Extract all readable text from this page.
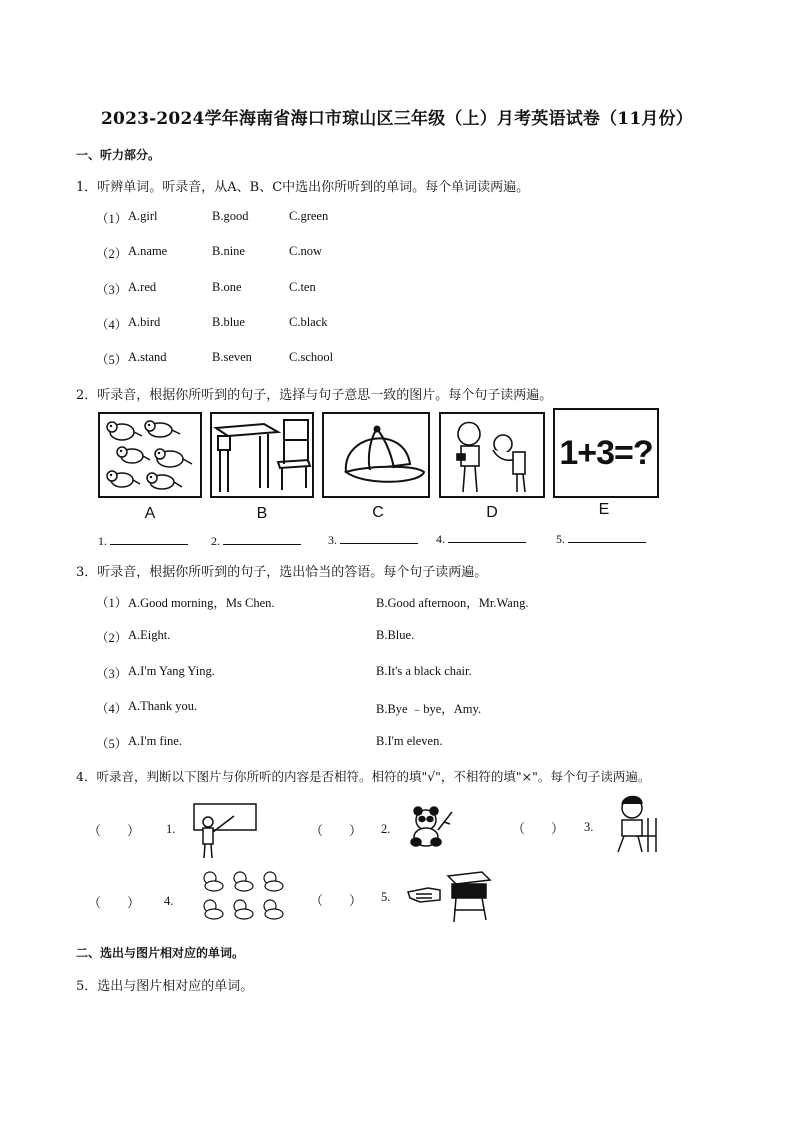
2023-2024学年海南省海口市琼山区三年级（上）月考英语试卷（11月份）
一、听力部分。
1．听辨单词。听录音，从A、B、C中选出你所听到的单词。每个单词读两遍。
（1） A.girl	B.good	C.green
（2） A.name	B.nine	C.now
（3） A.red	B.one	C.ten
（4） A.bird	B.blue	C.black
（5） A.stand	B.seven	C.school
2．听录音，根据你所听到的句子，选择与句子意思一致的图片。每个句子读两遍。
1+3=?
A	B	C	D	E
1.	2.	3.	4.	5.
3．听录音，根据你所听到的句子，选出恰当的答语。每个句子读两遍。
（1） A.Good morning，Ms Chen.	B.Good afternoon，Mr.Wang.
（2） A.Eight.	B.Blue.
（3） A.I'm Yang Ying.	B.It's a black chair.
（4） A.Thank you.	B.Bye ﹣bye，Amy.
（5） A.I'm fine.	B.I'm eleven.
4．听录音，判断以下图片与你所听的内容是否相符。相符的填"√"，不相符的填"×"。每个句子读两遍。
（　　） 1.	（　　） 2.	（　　） 3.
（　　） 4.	（　　） 5.
二、选出与图片相对应的单词。
5．选出与图片相对应的单词。
